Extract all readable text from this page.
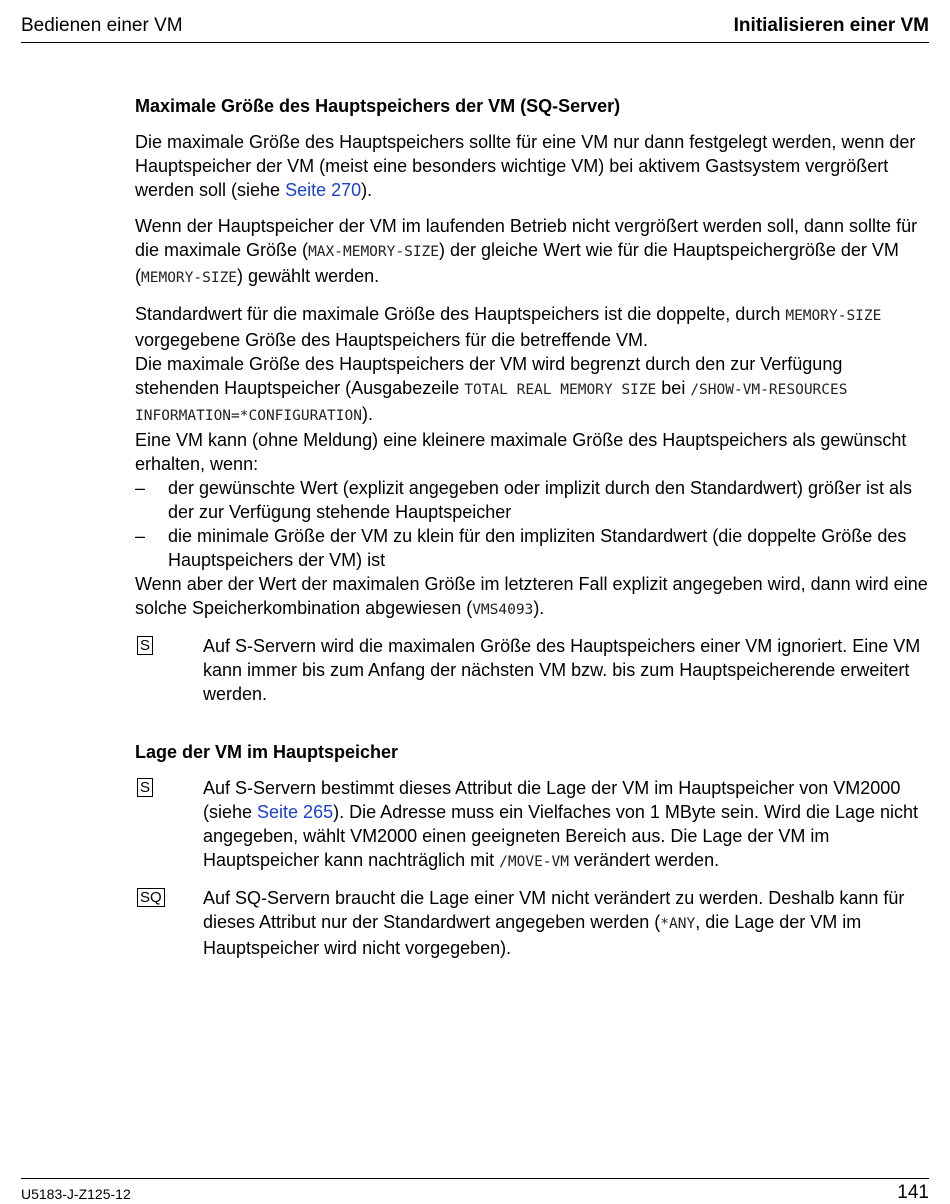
Bedienen einer VM	Initialisieren einer VM
Maximale Größe des Hauptspeichers der VM (SQ-Server)

Die maximale Größe des Hauptspeichers sollte für eine VM nur dann festgelegt werden, wenn der Hauptspeicher der VM (meist eine besonders wichtige VM) bei aktivem Gastsystem vergrößert werden soll (siehe Seite 270).

Wenn der Hauptspeicher der VM im laufenden Betrieb nicht vergrößert werden soll, dann sollte für die maximale Größe (MAX-MEMORY-SIZE) der gleiche Wert wie für die Hauptspeichergröße der VM (MEMORY-SIZE) gewählt werden.

Standardwert für die maximale Größe des Hauptspeichers ist die doppelte, durch MEMORY-SIZE vorgegebene Größe des Hauptspeichers für die betreffende VM.

Die maximale Größe des Hauptspeichers der VM wird begrenzt durch den zur Verfügung stehenden Hauptspeicher (Ausgabezeile TOTAL REAL MEMORY SIZE bei /SHOW-VM-RESOURCES INFORMATION=*CONFIGURATION).

Eine VM kann (ohne Meldung) eine kleinere maximale Größe des Hauptspeichers als gewünscht erhalten, wenn:

– der gewünschte Wert (explizit angegeben oder implizit durch den Standardwert) größer ist als der zur Verfügung stehende Hauptspeicher
– die minimale Größe der VM zu klein für den impliziten Standardwert (die doppelte Größe des Hauptspeichers der VM) ist

Wenn aber der Wert der maximalen Größe im letzteren Fall explizit angegeben wird, dann wird eine solche Speicherkombination abgewiesen (VMS4093).

S	Auf S-Servern wird die maximalen Größe des Hauptspeichers einer VM ignoriert. Eine VM kann immer bis zum Anfang der nächsten VM bzw. bis zum Hauptspeicherende erweitert werden.
Lage der VM im Hauptspeicher
S	Auf S-Servern bestimmt dieses Attribut die Lage der VM im Hauptspeicher von VM2000 (siehe Seite 265). Die Adresse muss ein Vielfaches von 1 MByte sein. Wird die Lage nicht angegeben, wählt VM2000 einen geeigneten Bereich aus. Die Lage der VM im Hauptspeicher kann nachträglich mit /MOVE-VM verändert werden.
SQ Auf SQ-Servern braucht die Lage einer VM nicht verändert zu werden. Deshalb kann für dieses Attribut nur der Standardwert angegeben werden (*ANY, die Lage der VM im Hauptspeicher wird nicht vorgegeben).
U5183-J-Z125-12	141
